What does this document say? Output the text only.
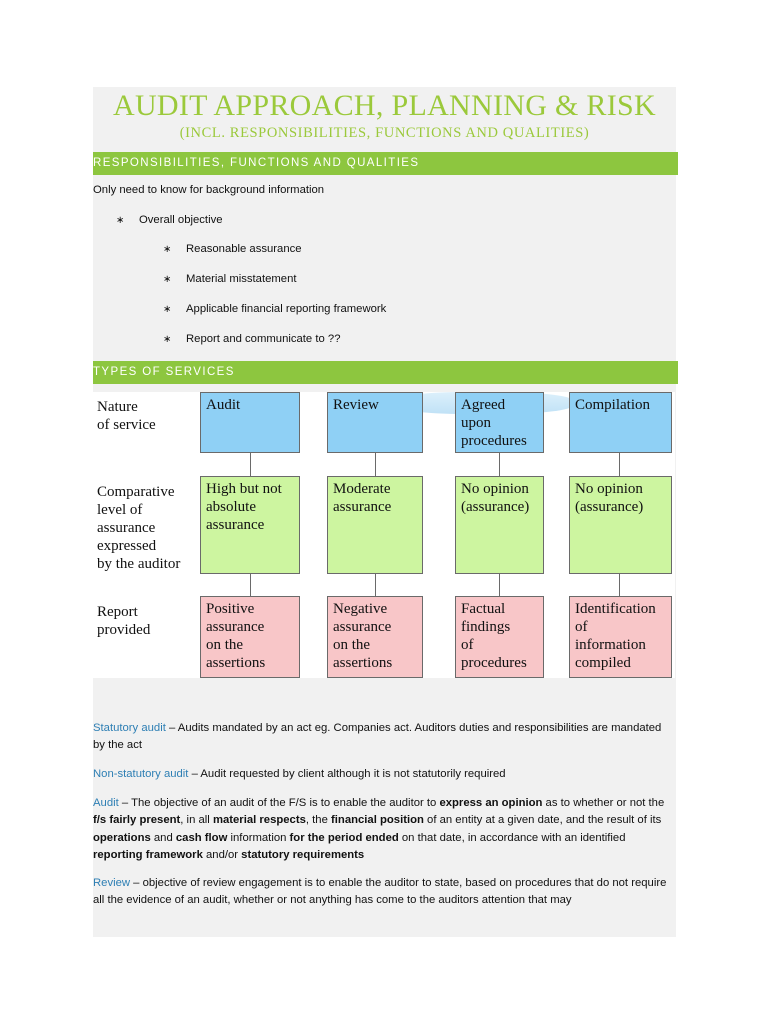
AUDIT APPROACH, PLANNING & RISK
(INCL. RESPONSIBILITIES, FUNCTIONS AND QUALITIES)
RESPONSIBILITIES, FUNCTIONS AND QUALITIES
Only need to know for background information
∗ Overall objective
∗ Reasonable assurance
∗ Material misstatement
∗ Applicable financial reporting framework
∗ Report and communicate to ??
TYPES OF SERVICES
Nature
of service
Comparative
level of
assurance
expressed
by the auditor
Report
provided
Audit
High but not
absolute
assurance
Positive
assurance
on the
assertions
Review
Moderate
assurance
Negative
assurance
on the
assertions
Agreed
upon
procedures
No opinion
(assurance)
Factual
findings
of
procedures
Compilation
No opinion
(assurance)
Identification
of
information
compiled
Statutory audit – Audits mandated by an act eg. Companies act. Auditors duties and responsibilities are mandated by the act
Non-statutory audit – Audit requested by client although it is not statutorily required
Audit – The objective of an audit of the F/S is to enable the auditor to express an opinion as to whether or not the f/s fairly present, in all material respects, the financial position of an entity at a given date, and the result of its operations and cash flow information for the period ended on that date, in accordance with an identified reporting framework and/or statutory requirements
Review – objective of review engagement is to enable the auditor to state, based on procedures that do not require all the evidence of an audit, whether or not anything has come to the auditors attention that may
